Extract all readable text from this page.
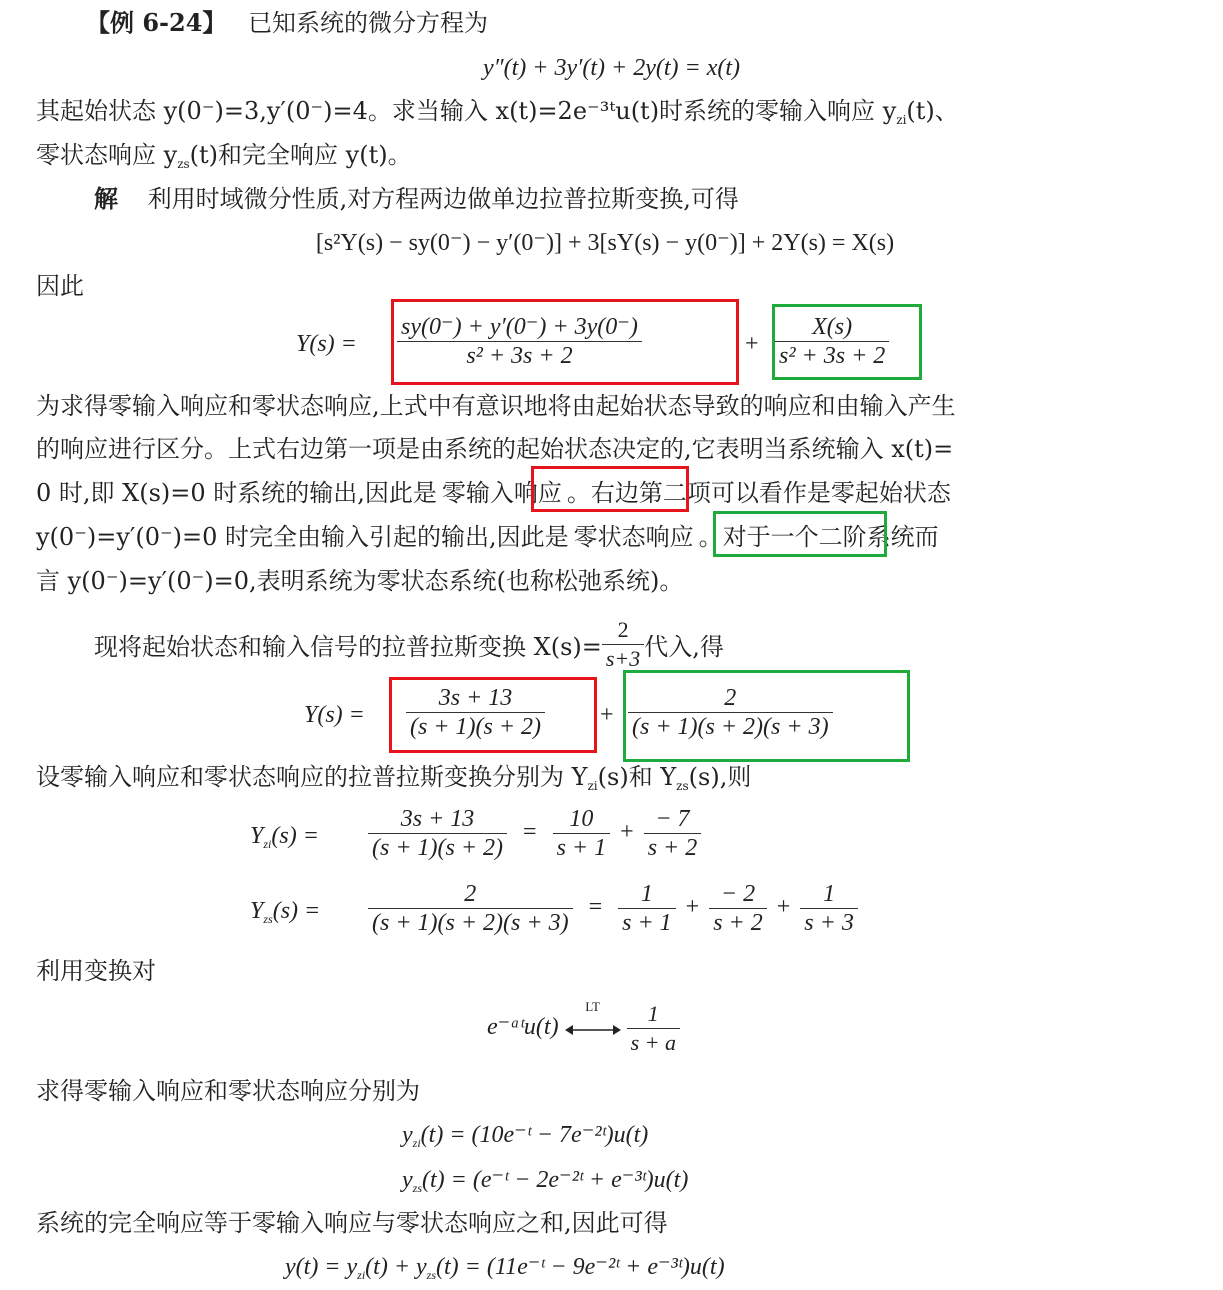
【例 6-24】 已知系统的微分方程为
y″(t) + 3y′(t) + 2y(t) = x(t)
其起始状态 y(0⁻)=3,y′(0⁻)=4。求当输入 x(t)=2e⁻³ᵗu(t)时系统的零输入响应 $y_{zi}(t)$、
零状态响应 $y_{zs}(t)$和完全响应 y(t)。
解 利用时域微分性质,对方程两边做单边拉普拉斯变换,可得
[s²Y(s) − sy(0⁻) − y′(0⁻)] + 3[sY(s) − y(0⁻)] + 2Y(s) = X(s)
因此
$Y(s) = \frac{sy(0^-) + y'(0^-) + 3y(0^-)}{\text{s² + 3s + 2}}$	+ $\frac{X(s)}{\text{s² + 3s + 2}}$
为求得零输入响应和零状态响应,上式中有意识地将由起始状态导致的响应和由输入产生
的响应进行区分。上式右边第一项是由系统的起始状态决定的,它表明当系统输入 x(t)=
0 时,即 X(s)=0 时系统的输出,因此是 零输入响应 。右边第二项可以看作是零起始状态
y(0⁻)=y′(0⁻)=0 时完全由输入引起的输出,因此是 零状态响应 。对于一个二阶系统而
言 y(0⁻)=y′(0⁻)=0,表明系统为零状态系统(也称松弛系统)。
现将起始状态和输入信号的拉普拉斯变换 $X(s)= \frac{2}{s+3}$ 代入,得
$Y(s) = \frac{3s + 13}{(s + 1)(s + 2)} + \frac{2}{(s + 1)(s + 2)(s + 3)}$
设零输入响应和零状态响应的拉普拉斯变换分别为 $Y_{zi}(s)$和 $Y_{zs}(s)$,则
$Y_{zi}(s) = \frac{3s + 13}{(s + 1)(s + 2)} = \frac{10}{s + 1} + \frac{- 7}{s + 2}$
$Y_{zs}(s) = \frac{2}{(s + 1)(s + 2)(s + 3)} = \frac{1}{s + 1} + \frac{- 2}{s + 2} + \frac{1}{s + 3}$
利用变换对
e⁻ᵃᵗu(t)
LT
	$\frac{1}{s + a}$
求得零输入响应和零状态响应分别为
$y_{zi}(t)$ = (10e⁻ᵗ − 7e⁻²ᵗ)u(t)
$y_{zs}(t)$ = (e⁻ᵗ − 2e⁻²ᵗ + e⁻³ᵗ)u(t)
系统的完全响应等于零输入响应与零状态响应之和,因此可得
$y(t) = y_{zi}(t) + y_{zs}(t)$ = (11e⁻ᵗ − 9e⁻²ᵗ + e⁻³ᵗ)u(t)
